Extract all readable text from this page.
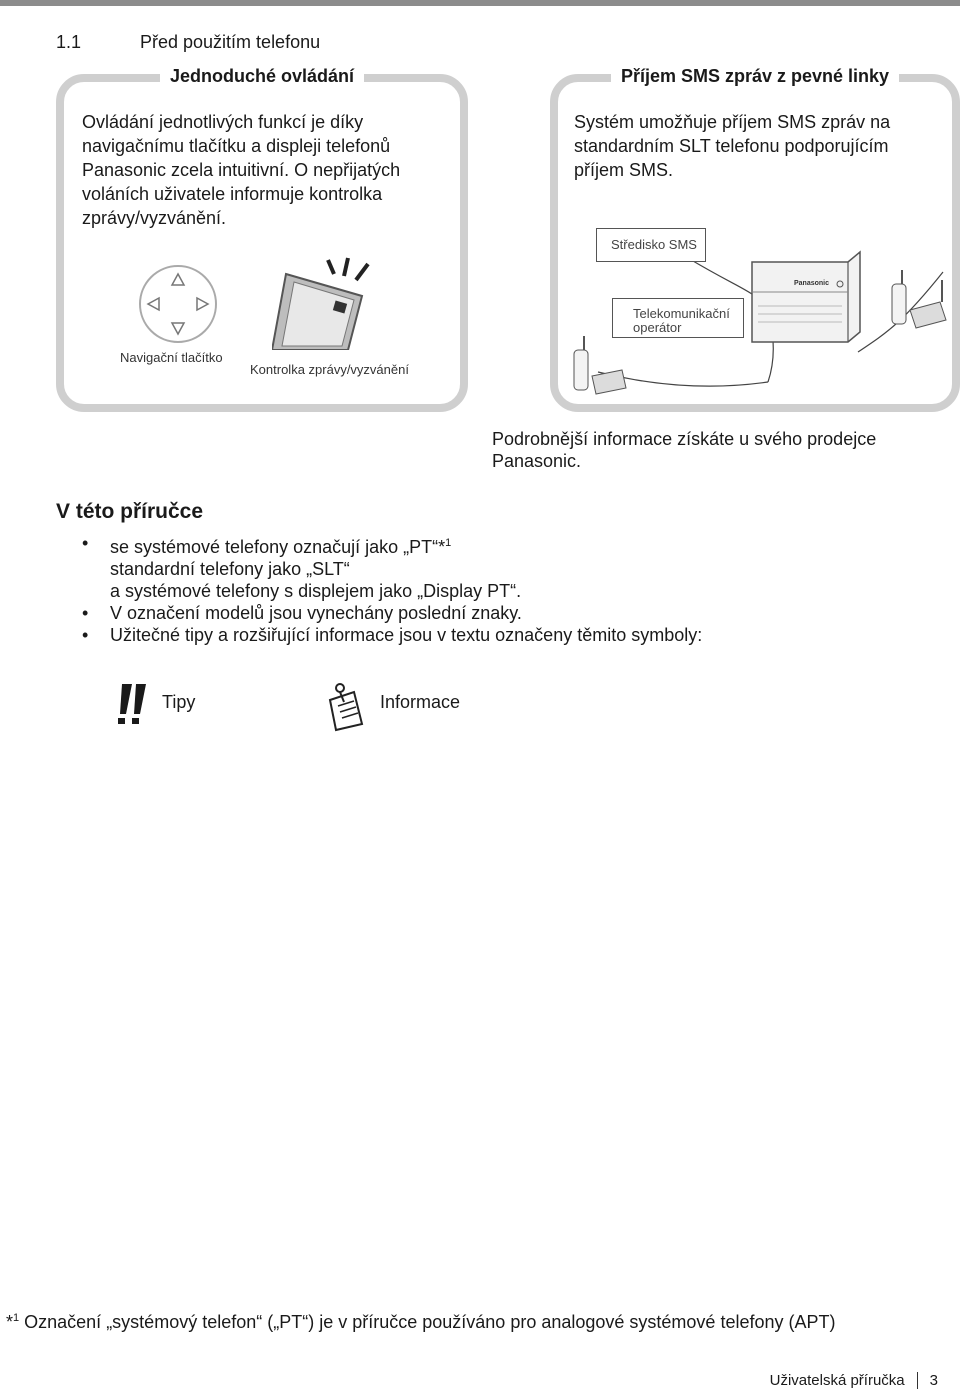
1.1	Před použitím telefonu
Jednoduché ovládání
Ovládání jednotlivých funkcí je díky
navigačnímu tlačítku a displeji telefonů
Panasonic zcela intuitivní. O nepřijatých
voláních uživatele informuje kontrolka
zprávy/vyzvánění.
Navigační tlačítko
Kontrolka zprávy/vyzvánění
Příjem SMS zpráv z pevné linky
Systém umožňuje příjem SMS zpráv na
standardním SLT telefonu podporujícím
příjem SMS.
Středisko SMS
Telekomunikační
operátor
Panasonic
Podrobnější informace získáte u svého prodejce
Panasonic.
V této příručce
• se systémové telefony označují jako „PT“*$^1$
standardní telefony jako „SLT“
a systémové telefony s displejem jako „Display PT“.
• V označení modelů jsou vynechány poslední znaky.
• Užitečné tipy a rozšiřující informace jsou v textu označeny těmito symboly:
Tipy	Informace
*$^1$ Označení „systémový telefon“ („PT“) je v příručce používáno pro analogové systémové telefony (APT)
Uživatelská příručka 3
